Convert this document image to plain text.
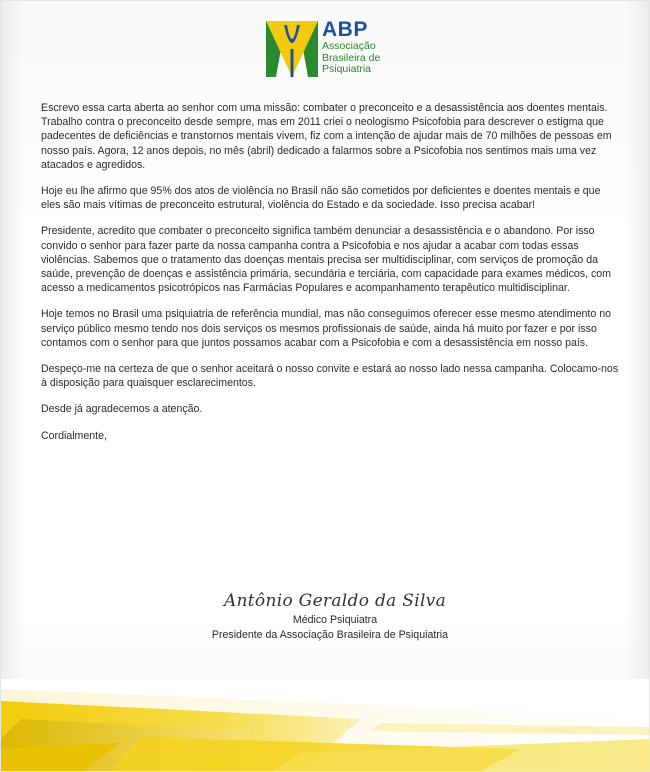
ABP
Associação
Brasileira de
Psiquiatria

Escrevo essa carta aberta ao senhor com uma missão: combater o preconceito e a desassistência aos doentes mentais. Trabalho contra o preconceito desde sempre, mas em 2011 criei o neologismo Psicofobia para descrever o estigma que padecentes de deficiências e transtornos mentais vivem, fiz com a intenção de ajudar mais de 70 milhões de pessoas em nosso país. Agora, 12 anos depois, no mês (abril) dedicado a falarmos sobre a Psicofobia nos sentimos mais uma vez atacados e agredidos.

Hoje eu lhe afirmo que 95% dos atos de violência no Brasil não são cometidos por deficientes e doentes mentais e que eles são mais vítimas de preconceito estrutural, violência do Estado e da sociedade. Isso precisa acabar!

Presidente, acredito que combater o preconceito significa também denunciar a desassistência e o abandono. Por isso convido o senhor para fazer parte da nossa campanha contra a Psicofobia e nos ajudar a acabar com todas essas violências. Sabemos que o tratamento das doenças mentais precisa ser multidisciplinar, com serviços de promoção da saúde, prevenção de doenças e assistência primária, secundária e terciária, com capacidade para exames médicos, com acesso a medicamentos psicotrópicos nas Farmácias Populares e acompanhamento terapêutico multidisciplinar.

Hoje temos no Brasil uma psiquiatria de referência mundial, mas não conseguimos oferecer esse mesmo atendimento no serviço público mesmo tendo nos dois serviços os mesmos profissionais de saúde, ainda há muito por fazer e por isso contamos com o senhor para que juntos possamos acabar com a Psicofobia e com a desassistência em nosso país.

Despeço-me na certeza de que o senhor aceitará o nosso convite e estará ao nosso lado nessa campanha. Colocamo-nos à disposição para quaisquer esclarecimentos.

Desde já agradecemos a atenção.

Cordialmente,

Antônio Geraldo da Silva
Médico Psiquiatra
Presidente da Associação Brasileira de Psiquiatria
